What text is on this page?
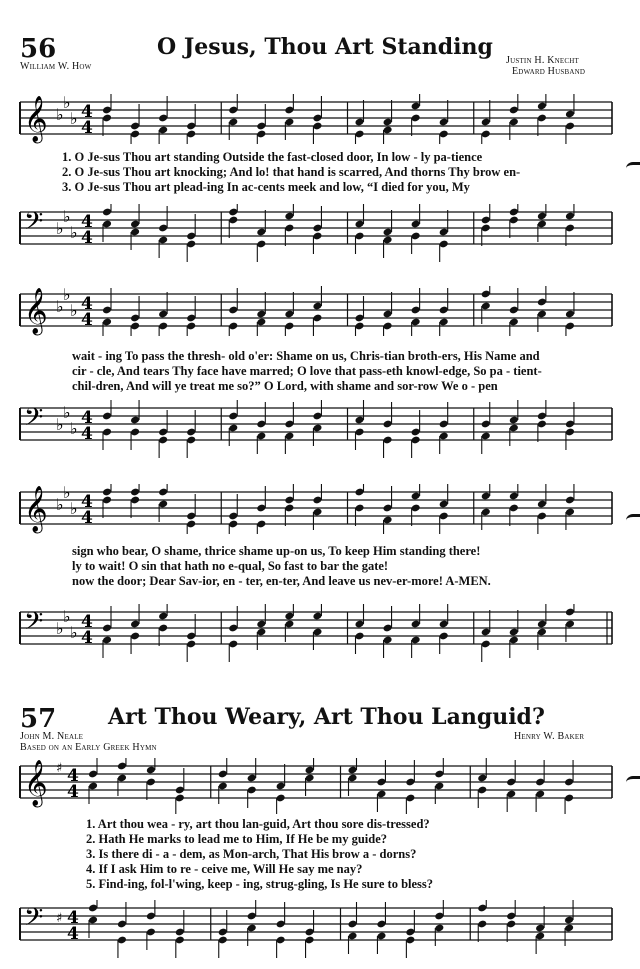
56	O Jesus, Thou Art Standing
William W. How
Justin H. Knecht
Edward Husband
𝄞 ♭
♭
♭ 4
4
1. O Je-sus Thou art standing Outside the fast-closed door, In low - ly pa-tience
2. O Je-sus Thou art knocking; And lo! that hand is scarred, And thorns Thy brow en-
3. O Je-sus Thou art plead-ing In ac-cents meek and low, “I died for you, My
𝄢 ♭
♭
♭
4
4
𝄞 ♭
♭
♭ 4
4
wait - ing To pass the thresh- old o'er: Shame on us, Chris-tian broth-ers, His Name and
cir - cle, And tears Thy face have marred; O love that pass-eth knowl-edge, So pa - tient-
chil-dren, And will ye treat me so?” O Lord, with shame and sor-row We o - pen
𝄢 ♭
♭
♭
4
4
𝄞 ♭
♭
♭ 4
4
sign who bear, O shame, thrice shame up-on us, To keep Him standing there!
ly to wait! O sin that hath no e-qual, So fast to bar the gate!
now the door; Dear Sav-ior, en - ter, en-ter, And leave us nev-er-more! A-MEN.
𝄢 ♭
♭
♭
4
4
57 Art Thou Weary, Art Thou Languid?
John M. Neale
Based on an Early Greek Hymn
Henry W. Baker
𝄞 ♯ 4
4
1. Art thou wea - ry, art thou lan-guid, Art thou sore dis-tressed?
2. Hath He marks to lead me to Him, If He be my guide?
3. Is there di - a - dem, as Mon-arch, That His brow a - dorns?
4. If I ask Him to re - ceive me, Will He say me nay?
5. Find-ing, fol-l'wing, keep - ing, strug-gling, Is He sure to bless?
𝄢 ♯ 4
4
